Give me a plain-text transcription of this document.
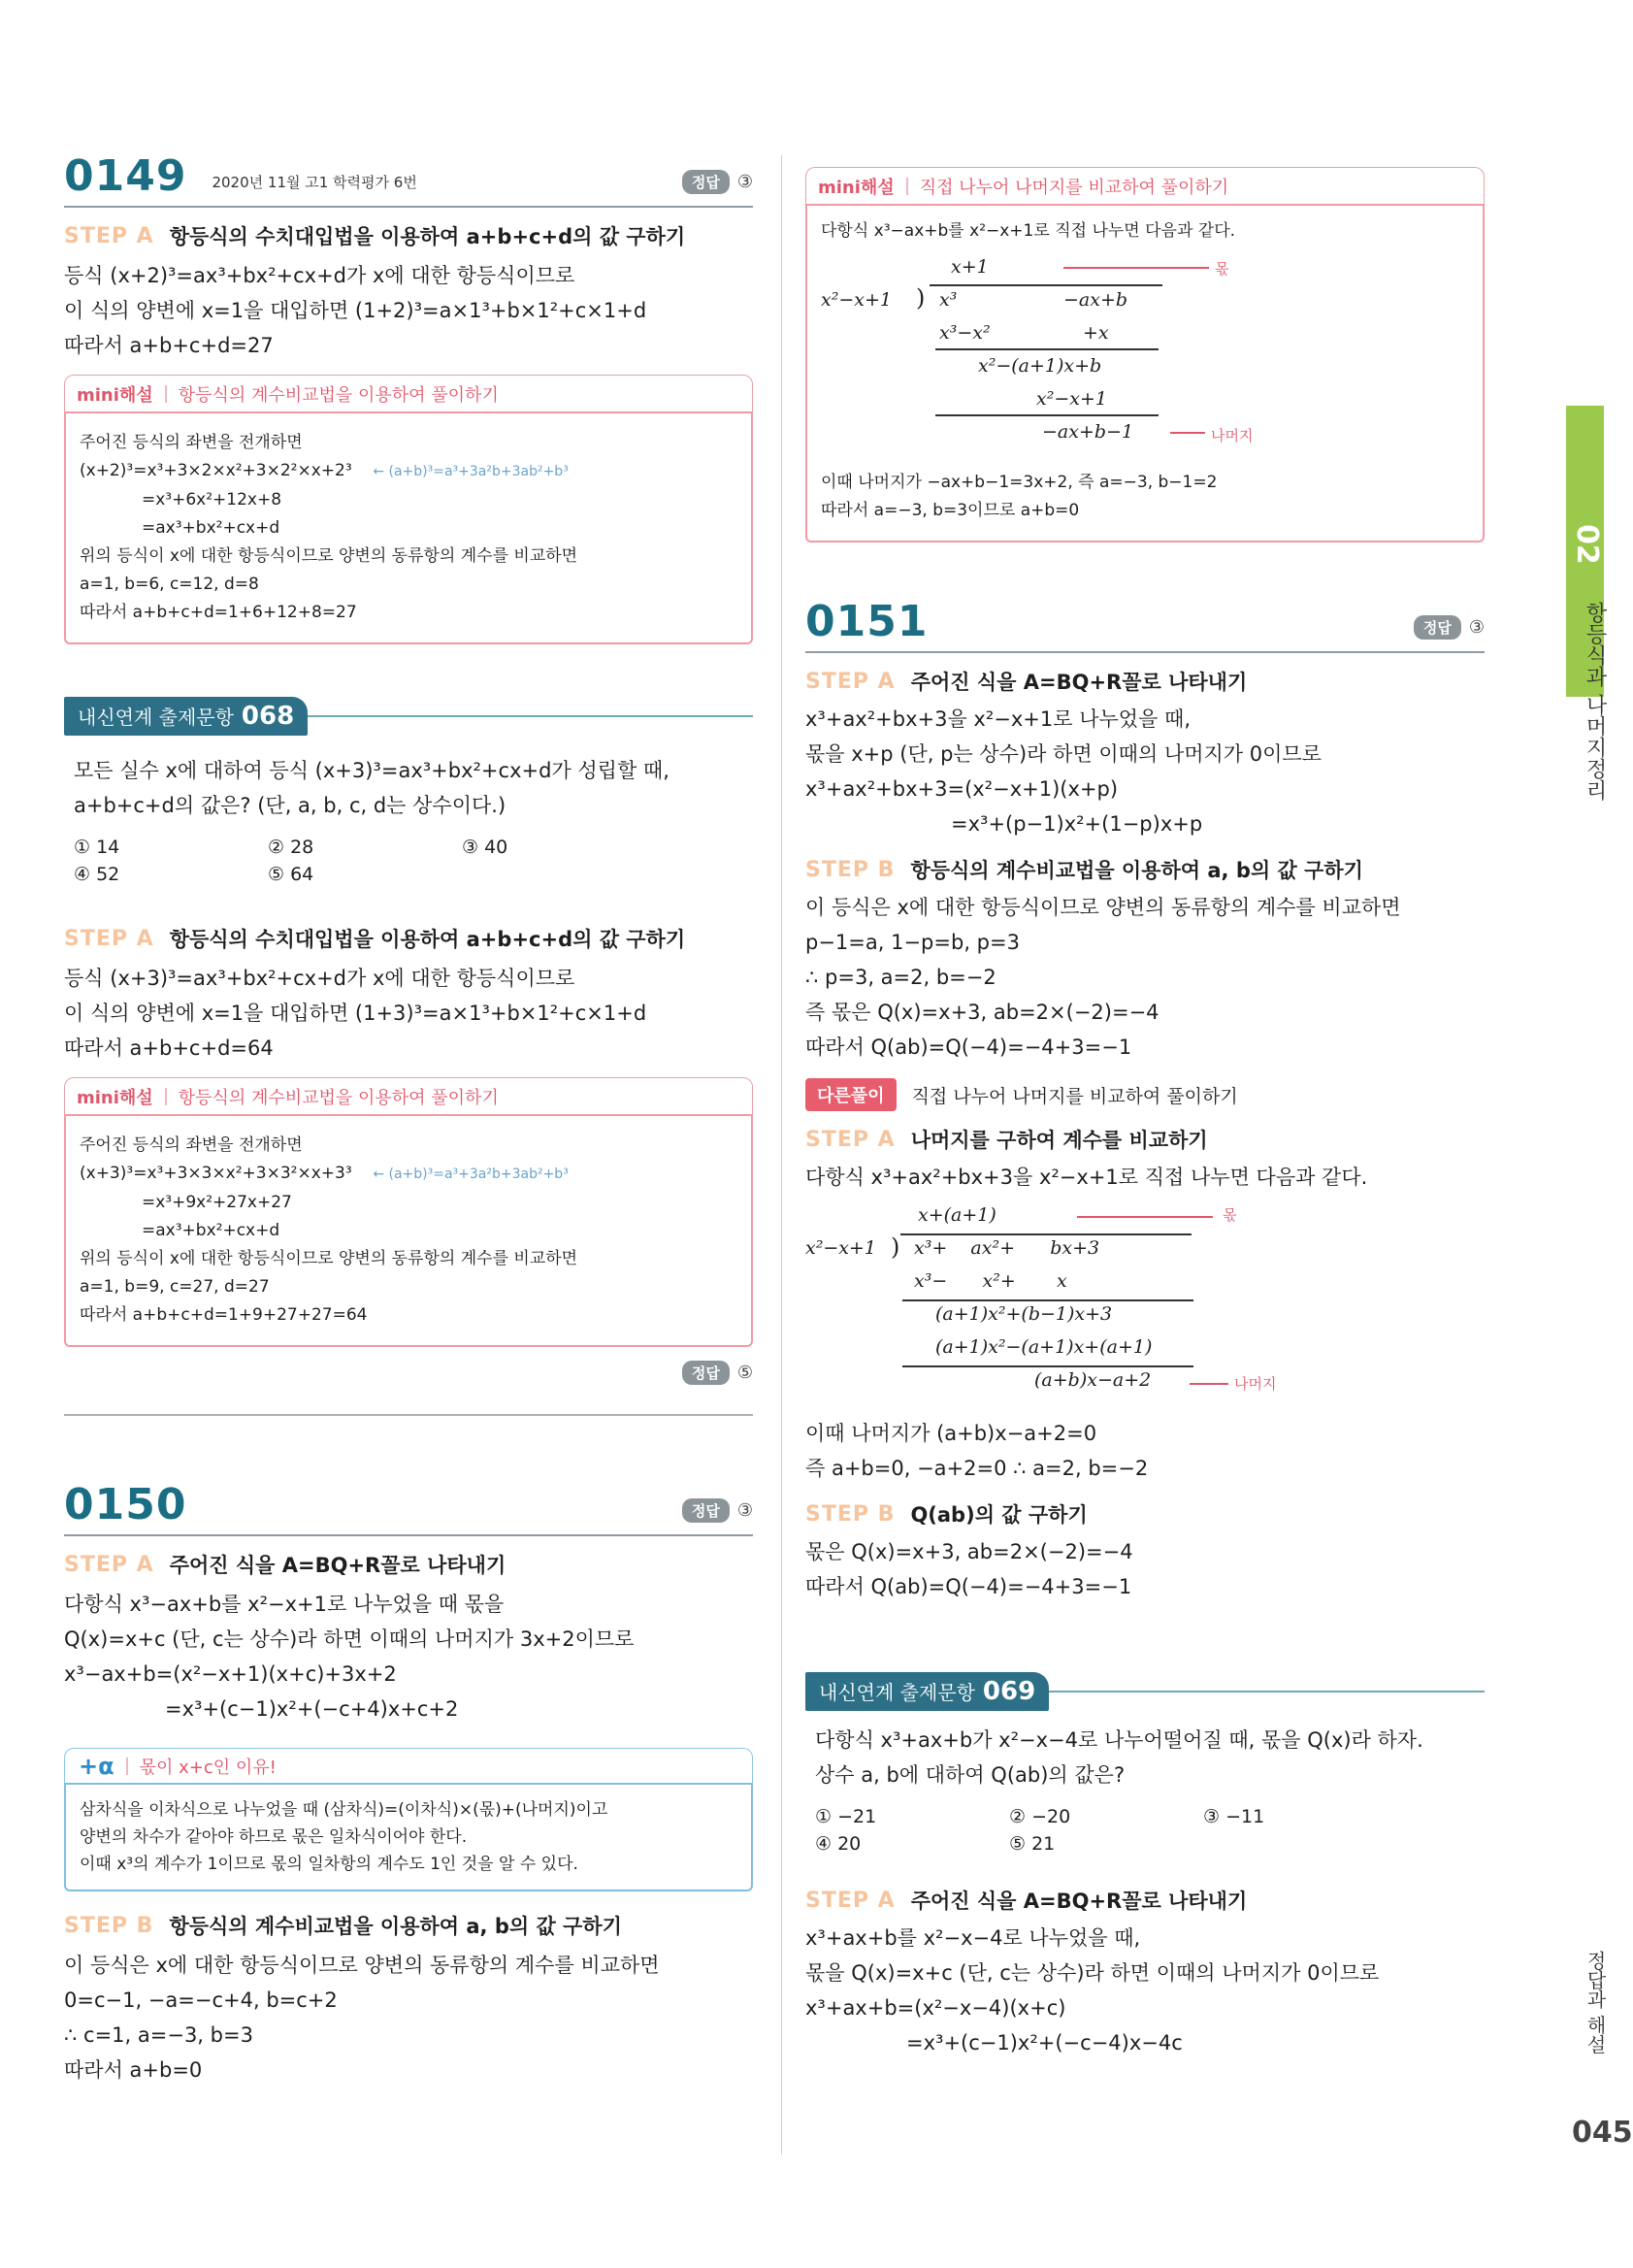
0149 2020년 11월 고1 학력평가 6번	정답	③
STEP A 항등식의 수치대입법을 이용하여 a+b+c+d의 값 구하기
등식 (x+2)³=ax³+bx²+cx+d가 x에 대한 항등식이므로
이 식의 양변에 x=1을 대입하면 (1+2)³=a×1³+b×1²+c×1+d
따라서 a+b+c+d=27
mini해설 항등식의 계수비교법을 이용하여 풀이하기
주어진 등식의 좌변을 전개하면
(x+2)³=x³+3×2×x²+3×2²×x+2³ ← (a+b)³=a³+3a²b+3ab²+b³
=x³+6x²+12x+8
=ax³+bx²+cx+d
위의 등식이 x에 대한 항등식이므로 양변의 동류항의 계수를 비교하면
a=1, b=6, c=12, d=8
따라서 a+b+c+d=1+6+12+8=27
내신연계 출제문항 068
모든 실수 x에 대하여 등식 (x+3)³=ax³+bx²+cx+d가 성립할 때,
a+b+c+d의 값은? (단, a, b, c, d는 상수이다.)
① 14	② 28	③ 40
④ 52	⑤ 64
STEP A 항등식의 수치대입법을 이용하여 a+b+c+d의 값 구하기
등식 (x+3)³=ax³+bx²+cx+d가 x에 대한 항등식이므로
이 식의 양변에 x=1을 대입하면 (1+3)³=a×1³+b×1²+c×1+d
따라서 a+b+c+d=64
mini해설 항등식의 계수비교법을 이용하여 풀이하기
주어진 등식의 좌변을 전개하면
(x+3)³=x³+3×3×x²+3×3²×x+3³ ← (a+b)³=a³+3a²b+3ab²+b³
=x³+9x²+27x+27
=ax³+bx²+cx+d
위의 등식이 x에 대한 항등식이므로 양변의 동류항의 계수를 비교하면
a=1, b=9, c=27, d=27
따라서 a+b+c+d=1+9+27+27=64
정답	⑤
0150	정답	③
STEP A 주어진 식을 A=BQ+R꼴로 나타내기
다항식 x³−ax+b를 x²−x+1로 나누었을 때 몫을
Q(x)=x+c (단, c는 상수)라 하면 이때의 나머지가 3x+2이므로
x³−ax+b=(x²−x+1)(x+c)+3x+2
=x³+(c−1)x²+(−c+4)x+c+2
+α 몫이 x+c인 이유!
삼차식을 이차식으로 나누었을 때 (삼차식)=(이차식)×(몫)+(나머지)이고
양변의 차수가 같아야 하므로 몫은 일차식이어야 한다.
이때 x³의 계수가 1이므로 몫의 일차항의 계수도 1인 것을 알 수 있다.
STEP B 항등식의 계수비교법을 이용하여 a, b의 값 구하기
이 등식은 x에 대한 항등식이므로 양변의 동류항의 계수를 비교하면
0=c−1, −a=−c+4, b=c+2
∴ c=1, a=−3, b=3
따라서 a+b=0
mini해설 직접 나누어 나머지를 비교하여 풀이하기
다항식 x³−ax+b를 x²−x+1로 직접 나누면 다음과 같다.
x+1	몫
x²−x+1 ) x³	−ax+b
x³−x²	+x
x²−(a+1)x+b
x²−x+1
−ax+b−1	나머지
이때 나머지가 −ax+b−1=3x+2, 즉 a=−3, b−1=2
따라서 a=−3, b=3이므로 a+b=0
0151	정답	③
STEP A 주어진 식을 A=BQ+R꼴로 나타내기
x³+ax²+bx+3을 x²−x+1로 나누었을 때,
몫을 x+p (단, p는 상수)라 하면 이때의 나머지가 0이므로
x³+ax²+bx+3=(x²−x+1)(x+p)
=x³+(p−1)x²+(1−p)x+p
STEP B 항등식의 계수비교법을 이용하여 a, b의 값 구하기
이 등식은 x에 대한 항등식이므로 양변의 동류항의 계수를 비교하면
p−1=a, 1−p=b, p=3
∴ p=3, a=2, b=−2
즉 몫은 Q(x)=x+3, ab=2×(−2)=−4
따라서 Q(ab)=Q(−4)=−4+3=−1
다른풀이	직접 나누어 나머지를 비교하여 풀이하기
STEP A 나머지를 구하여 계수를 비교하기
다항식 x³+ax²+bx+3을 x²−x+1로 직접 나누면 다음과 같다.
x+(a+1)	몫
x²−x+1 ) x³+    ax²+      bx+3
x³−      x²+       x
(a+1)x²+(b−1)x+3
(a+1)x²−(a+1)x+(a+1)
(a+b)x−a+2	나머지
이때 나머지가 (a+b)x−a+2=0
즉 a+b=0, −a+2=0 ∴ a=2, b=−2
STEP B Q(ab)의 값 구하기
몫은 Q(x)=x+3, ab=2×(−2)=−4
따라서 Q(ab)=Q(−4)=−4+3=−1
내신연계 출제문항 069
다항식 x³+ax+b가 x²−x−4로 나누어떨어질 때, 몫을 Q(x)라 하자.
상수 a, b에 대하여 Q(ab)의 값은?
① −21	② −20	③ −11
④ 20	⑤ 21
STEP A 주어진 식을 A=BQ+R꼴로 나타내기
x³+ax+b를 x²−x−4로 나누었을 때,
몫을 Q(x)=x+c (단, c는 상수)라 하면 이때의 나머지가 0이므로
x³+ax+b=(x²−x−4)(x+c)
=x³+(c−1)x²+(−c−4)x−4c
02
항등식과 나머지정리
정답과 해설
045
